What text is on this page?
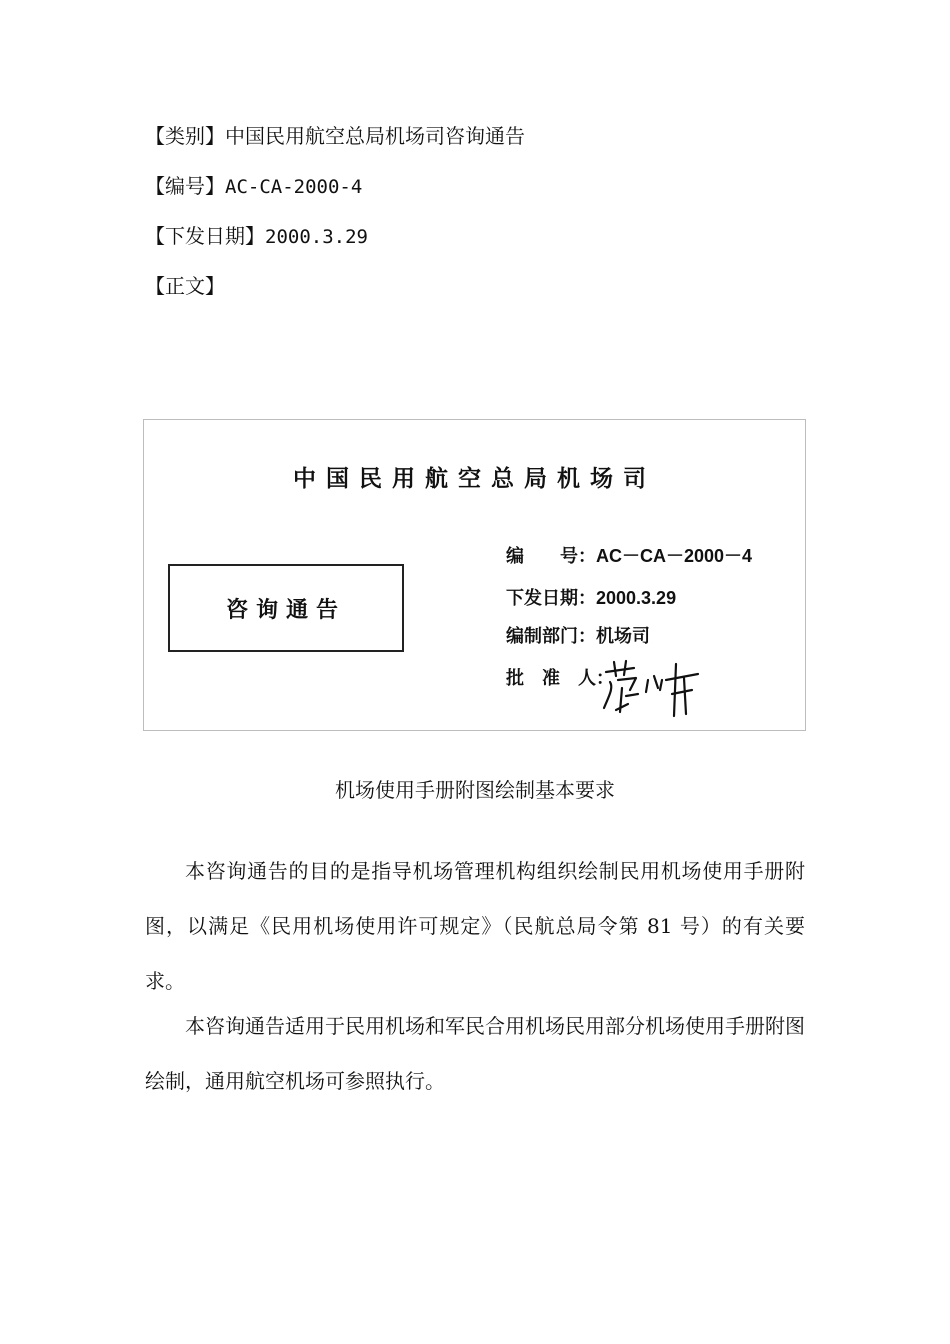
【类别】中国民用航空总局机场司咨询通告
【编号】AC-CA-2000-4
【下发日期】2000.3.29
【正文】
中国民用航空总局机场司
咨询通告
编　　号：AC－CA－2000－4
下发日期：2000.3.29
编制部门：机场司
批　准　人：
机场使用手册附图绘制基本要求

本咨询通告的目的是指导机场管理机构组织绘制民用机场使用手册附图，以满足《民用机场使用许可规定》（民航总局令第 81 号）的有关要求。

本咨询通告适用于民用机场和军民合用机场民用部分机场使用手册附图绘制，通用航空机场可参照执行。
